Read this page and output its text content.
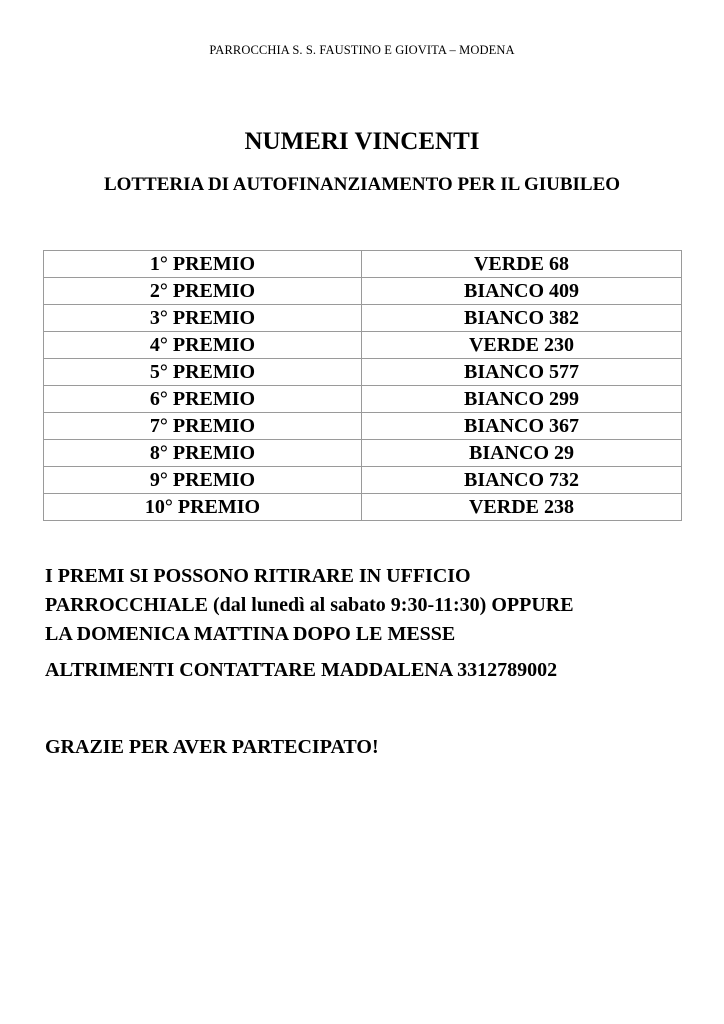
PARROCCHIA S. S. FAUSTINO E GIOVITA – MODENA
NUMERI VINCENTI
LOTTERIA DI AUTOFINANZIAMENTO PER IL GIUBILEO
1° PREMIO	VERDE 68
2° PREMIO	BIANCO 409
3° PREMIO	BIANCO 382
4° PREMIO	VERDE 230
5° PREMIO	BIANCO 577
6° PREMIO	BIANCO 299
7° PREMIO	BIANCO 367
8° PREMIO	BIANCO 29
9° PREMIO	BIANCO 732
10° PREMIO	VERDE 238
I PREMI SI POSSONO RITIRARE IN UFFICIO
PARROCCHIALE (dal lunedì al sabato 9:30-11:30) OPPURE
LA DOMENICA MATTINA DOPO LE MESSE
ALTRIMENTI CONTATTARE MADDALENA 3312789002
GRAZIE PER AVER PARTECIPATO!
